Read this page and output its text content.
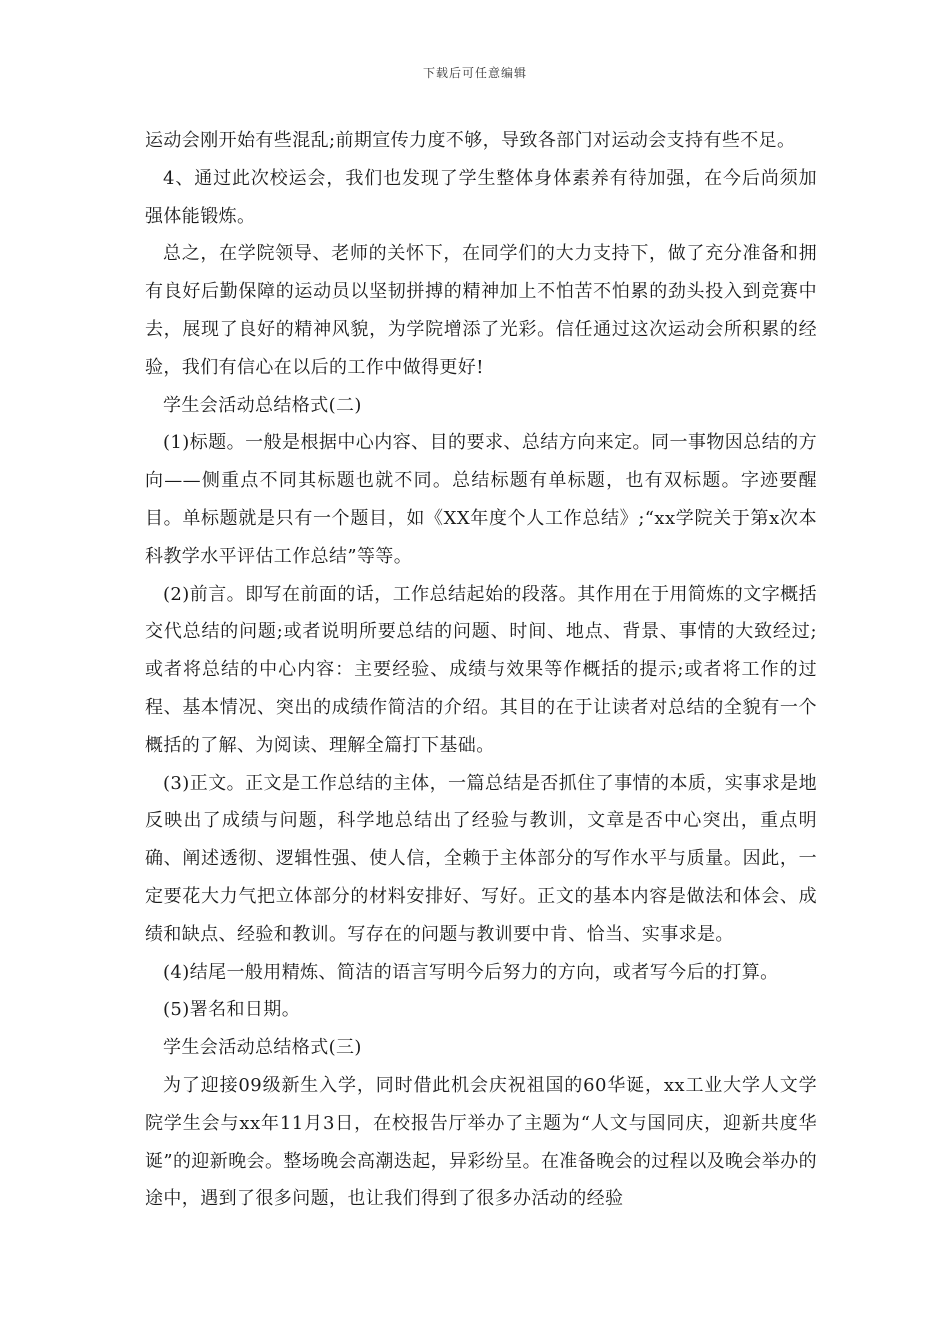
下载后可任意编辑

运动会刚开始有些混乱;前期宣传力度不够，导致各部门对运动会支持有些不足。

4、通过此次校运会，我们也发现了学生整体身体素养有待加强，在今后尚须加强体能锻炼。

总之，在学院领导、老师的关怀下，在同学们的大力支持下，做了充分准备和拥有良好后勤保障的运动员以坚韧拼搏的精神加上不怕苦不怕累的劲头投入到竞赛中去，展现了良好的精神风貌，为学院增添了光彩。信任通过这次运动会所积累的经验，我们有信心在以后的工作中做得更好!

学生会活动总结格式(二)

(1)标题。一般是根据中心内容、目的要求、总结方向来定。同一事物因总结的方向——侧重点不同其标题也就不同。总结标题有单标题，也有双标题。字迹要醒目。单标题就是只有一个题目，如《XX年度个人工作总结》;“xx学院关于第x次本科教学水平评估工作总结”等等。

(2)前言。即写在前面的话，工作总结起始的段落。其作用在于用简炼的文字概括交代总结的问题;或者说明所要总结的问题、时间、地点、背景、事情的大致经过;或者将总结的中心内容：主要经验、成绩与效果等作概括的提示;或者将工作的过程、基本情况、突出的成绩作简洁的介绍。其目的在于让读者对总结的全貌有一个概括的了解、为阅读、理解全篇打下基础。

(3)正文。正文是工作总结的主体，一篇总结是否抓住了事情的本质，实事求是地反映出了成绩与问题，科学地总结出了经验与教训，文章是否中心突出，重点明确、阐述透彻、逻辑性强、使人信，全赖于主体部分的写作水平与质量。因此，一定要花大力气把立体部分的材料安排好、写好。正文的基本内容是做法和体会、成绩和缺点、经验和教训。写存在的问题与教训要中肯、恰当、实事求是。

(4)结尾一般用精炼、简洁的语言写明今后努力的方向，或者写今后的打算。

(5)署名和日期。

学生会活动总结格式(三)

为了迎接09级新生入学，同时借此机会庆祝祖国的60华诞，xx工业大学人文学院学生会与xx年11月3日，在校报告厅举办了主题为“人文与国同庆，迎新共度华诞”的迎新晚会。整场晚会高潮迭起，异彩纷呈。在准备晚会的过程以及晚会举办的途中，遇到了很多问题，也让我们得到了很多办活动的经验
